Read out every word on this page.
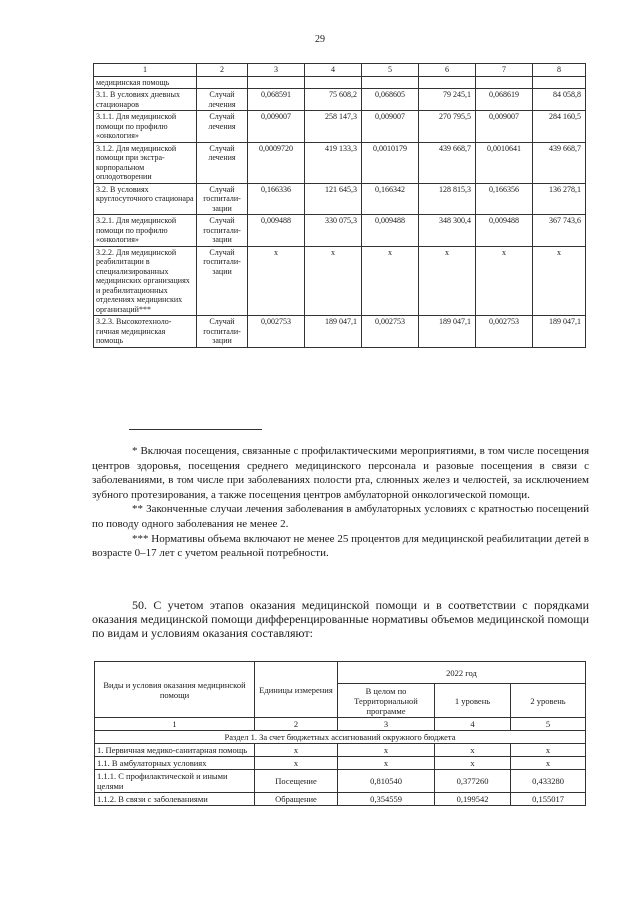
29
1	2	3	4	5	6	7	8
медицинская помощь							
3.1. В условиях дневных стационаров	Случай лечения	0,068591	75 608,2	0,068605	79 245,1	0,068619	84 058,8
3.1.1. Для медицинской помощи по профилю «онкология»	Случай лечения	0,009007	258 147,3	0,009007	270 795,5	0,009007	284 160,5
3.1.2. Для медицинской помощи при экстра-корпоральном оплодотворении	Случай лечения	0,0009720	419 133,3	0,0010179	439 668,7	0,0010641	439 668,7
3.2. В условиях круглосуточного стационара	Случай госпитали-зации	0,166336	121 645,3	0,166342	128 815,3	0,166356	136 278,1
3.2.1. Для медицинской помощи по профилю «онкология»	Случай госпитали-зации	0,009488	330 075,3	0,009488	348 300,4	0,009488	367 743,6
3.2.2. Для медицинской реабилитации в специализированных медицинских организациях и реабилитационных отделениях медицинских организаций***	Случай госпитали-зации	х	х	х	х	х	х
3.2.3. Высокотехноло-гичная медицинская помощь	Случай госпитали-зации	0,002753	189 047,1	0,002753	189 047,1	0,002753	189 047,1

* Включая посещения, связанные с профилактическими мероприятиями, в том числе посещения центров здоровья, посещения среднего медицинского персонала и разовые посещения в связи с заболеваниями, в том числе при заболеваниях полости рта, слюнных желез и челюстей, за исключением зубного протезирования, а также посещения центров амбулаторной онкологической помощи.

** Законченные случаи лечения заболевания в амбулаторных условиях с кратностью посещений по поводу одного заболевания не менее 2.

*** Нормативы объема включают не менее 25 процентов для медицинской реабилитации детей в возрасте 0–17 лет с учетом реальной потребности.

50. С учетом этапов оказания медицинской помощи и в соответствии с порядками оказания медицинской помощи дифференцированные нормативы объемов медицинской помощи по видам и условиям оказания составляют:

Виды и условия оказания медицинской помощи	Единицы измерения	2022 год		
		В целом по Территориальной программе	1 уровень	2 уровень
1	2	3	4	5
Раздел 1. За счет бюджетных ассигнований окружного бюджета				
1. Первичная медико-санитарная помощь	х	х	х	х
1.1. В амбулаторных условиях	х	х	х	х
1.1.1. С профилактической и иными целями	Посещение	0,810540	0,377260	0,433280
1.1.2. В связи с заболеваниями	Обращение	0,354559	0,199542	0,155017
